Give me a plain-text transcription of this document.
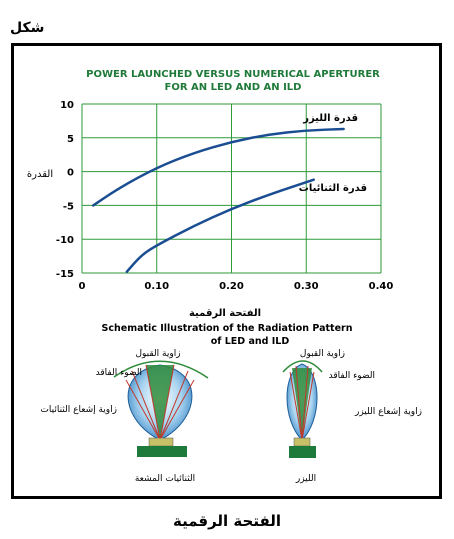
شكل
POWER LAUNCHED VERSUS NUMERICAL APERTURER
FOR AN LED AND AN ILD
0	0.10	0.20	0.30	0.40
10
5
0
-5
-10
-15
قدرة الليزر
قدرة الثنائيات
القدرة
الفتحة الرقمية
Schematic Illustration of the Radiation Pattern
of LED and ILD
زاوية القبول
الضوء الفاقد
زاوية إشعاع الثنائيات
الثنائيات المشعة
زاوية القبول
الضوء الفاقد
زاوية إشعاع الليزر
الليزر
الفتحة الرقمية
